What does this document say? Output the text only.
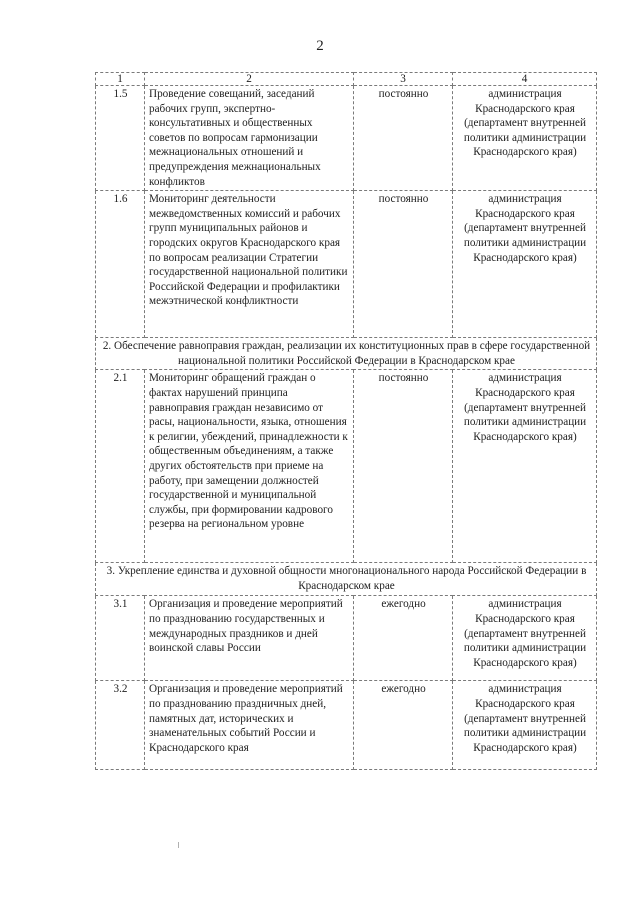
2
1	2	3	4
1.5	Проведение совещаний, заседаний рабочих групп, экспертно-консультативных и общественных советов по вопросам гармонизации межнациональных отношений и предупреждения межнациональных конфликтов	постоянно	администрация Краснодарского края (департамент внутренней политики администрации Краснодарского края)
1.6	Мониторинг деятельности межведомственных комиссий и рабочих групп муниципальных районов и городских округов Краснодарского края по вопросам реализации Стратегии государственной национальной политики Российской Федерации и профилактики межэтнической конфликтности	постоянно	администрация Краснодарского края (департамент внутренней политики администрации Краснодарского края)
2. Обеспечение равноправия граждан, реализации их конституционных прав в сфере государственной национальной политики Российской Федерации в Краснодарском крае			
2.1	Мониторинг обращений граждан о фактах нарушений принципа равноправия граждан независимо от расы, национальности, языка, отношения к религии, убеждений, принадлежности к общественным объединениям, а также других обстоятельств при приеме на работу, при замещении должностей государственной и муниципальной службы, при формировании кадрового резерва на региональном уровне	постоянно	администрация Краснодарского края (департамент внутренней политики администрации Краснодарского края)
3. Укрепление единства и духовной общности многонационального народа Российской Федерации в Краснодарском крае			
3.1	Организация и проведение мероприятий по празднованию государственных и международных праздников и дней воинской славы России	ежегодно	администрация Краснодарского края (департамент внутренней политики администрации Краснодарского края)
3.2	Организация и проведение мероприятий по празднованию праздничных дней, памятных дат, исторических и знаменательных событий России и Краснодарского края	ежегодно	администрация Краснодарского края (департамент внутренней политики администрации Краснодарского края)
